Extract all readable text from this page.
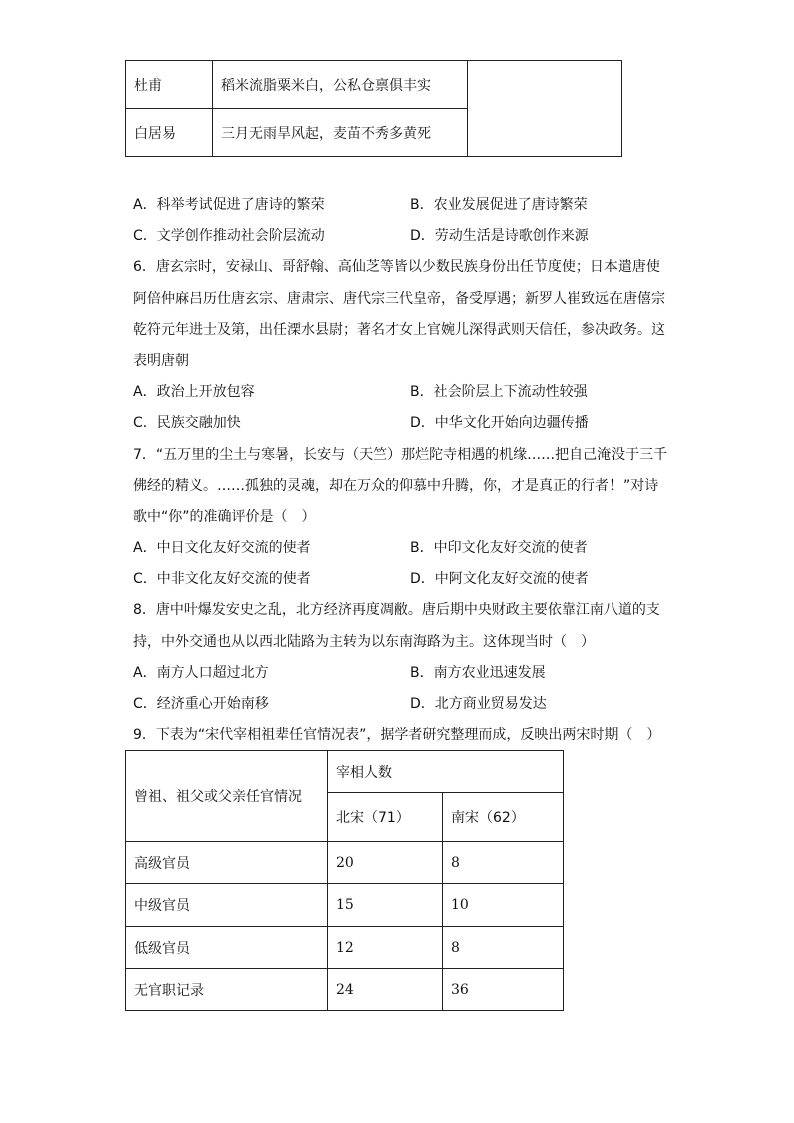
杜甫	稻米流脂粟米白，公私仓禀俱丰实	
白居易	三月无雨旱风起，麦苗不秀多黄死	
A．科举考试促进了唐诗的繁荣	B．农业发展促进了唐诗繁荣
C．文学创作推动社会阶层流动	D．劳动生活是诗歌创作来源
6．唐玄宗时，安禄山、哥舒翰、高仙芝等皆以少数民族身份出任节度使；日本遣唐使
阿倍仲麻吕历仕唐玄宗、唐肃宗、唐代宗三代皇帝，备受厚遇；新罗人崔致远在唐僖宗
乾符元年进士及第，出任溧水县尉；著名才女上官婉儿深得武则天信任，参决政务。这
表明唐朝
A．政治上开放包容	B．社会阶层上下流动性较强
C．民族交融加快	D．中华文化开始向边疆传播
7．“五万里的尘土与寒暑，长安与（天竺）那烂陀寺相遇的机缘……把自己淹没于三千
佛经的精义。……孤独的灵魂，却在万众的仰慕中升腾，你，才是真正的行者！”对诗
歌中“你”的准确评价是（　）
A．中日文化友好交流的使者	B．中印文化友好交流的使者
C．中非文化友好交流的使者	D．中阿文化友好交流的使者
8．唐中叶爆发安史之乱，北方经济再度凋敝。唐后期中央财政主要依靠江南八道的支
持，中外交通也从以西北陆路为主转为以东南海路为主。这体现当时（　）
A．南方人口超过北方	B．南方农业迅速发展
C．经济重心开始南移	D．北方商业贸易发达
9．下表为“宋代宰相祖辈任官情况表”，据学者研究整理而成，反映出两宋时期（　）
曾祖、祖父或父亲任官情况	宰相人数	
	北宋（71）	南宋（62）
高级官员	20	8
中级官员	15	10
低级官员	12	8
无官职记录	24	36
